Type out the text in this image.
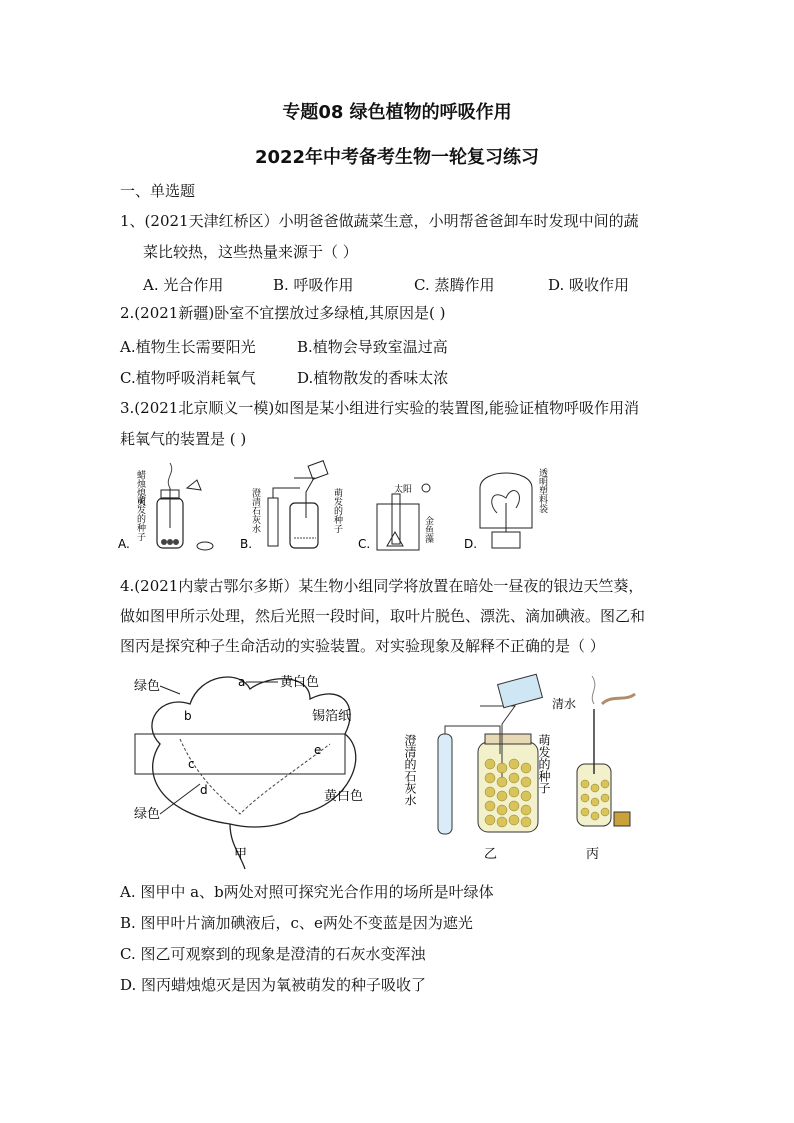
专题08 绿色植物的呼吸作用
2022年中考备考生物一轮复习练习
一、单选题
1、(2021天津红桥区）小明爸爸做蔬菜生意，小明帮爸爸卸车时发现中间的蔬
菜比较热，这些热量来源于（ ）
A. 光合作用	B. 呼吸作用	C. 蒸腾作用	D. 吸收作用
2.(2021新疆)卧室不宜摆放过多绿植,其原因是( )
A.植物生长需要阳光	B.植物会导致室温过高
C.植物呼吸消耗氧气	D.植物散发的香味太浓
3.(2021北京顺义一模)如图是某小组进行实验的装置图,能验证植物呼吸作用消
耗氧气的装置是 ( )
A.
蜡烛熄灭
萌发的种子
B.
澄清石灰水	萌发的种子
C.
太阳
金鱼藻
D.
透明塑料袋
4.(2021内蒙古鄂尔多斯）某生物小组同学将放置在暗处一昼夜的银边天竺葵，
做如图甲所示处理，然后光照一段时间，取叶片脱色、漂洗、滴加碘液。图乙和
图丙是探究种子生命活动的实验装置。对实验现象及解释不正确的是（ ）
绿色
绿色
黄白色
黄白色
锡箔纸
a
b
c
d
e
甲
澄清的石灰水
清水
乙
萌发的种子
丙
A. 图甲中 a、b两处对照可探究光合作用的场所是叶绿体
B. 图甲叶片滴加碘液后，c、e两处不变蓝是因为遮光
C. 图乙可观察到的现象是澄清的石灰水变浑浊
D. 图丙蜡烛熄灭是因为氧被萌发的种子吸收了
